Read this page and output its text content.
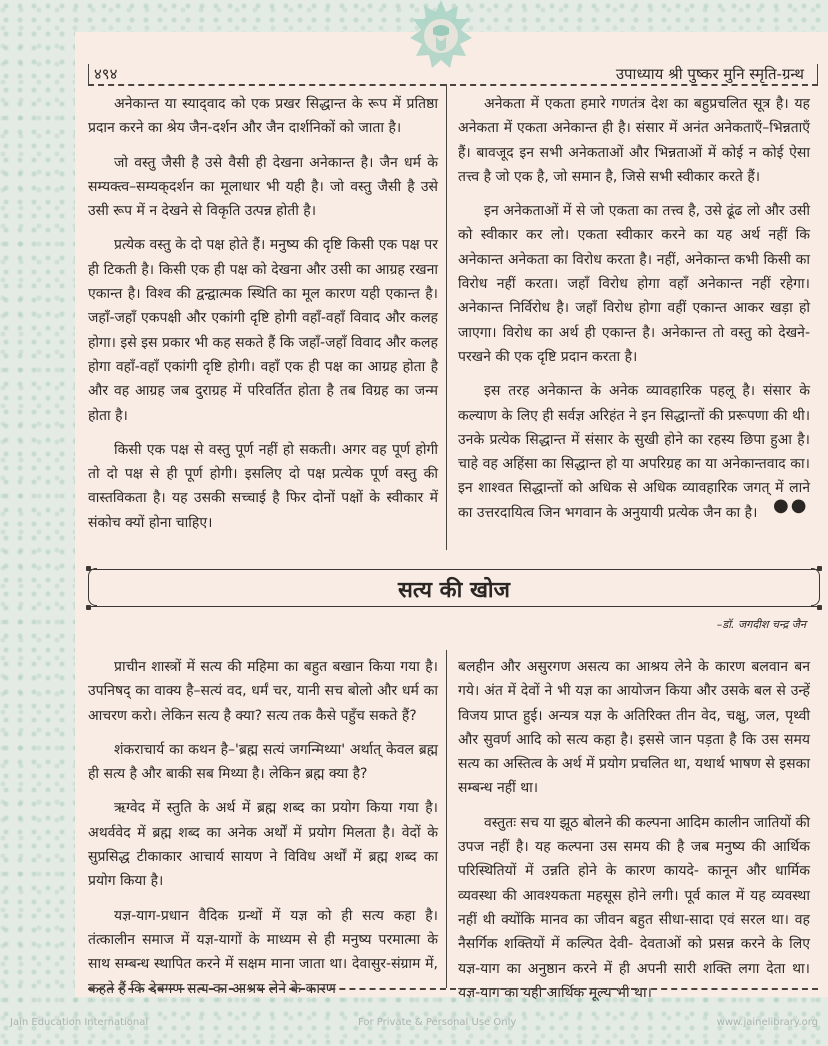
४९४	उपाध्याय श्री पुष्कर मुनि स्मृति-ग्रन्थ

अनेकान्त या स्याद्‌वाद को एक प्रखर सिद्धान्त के रूप में प्रतिष्ठा प्रदान करने का श्रेय जैन-दर्शन और जैन दार्शनिकों को जाता है।

जो वस्तु जैसी है उसे वैसी ही देखना अनेकान्त है। जैन धर्म के सम्यक्त्व–सम्यक्‌दर्शन का मूलाधार भी यही है। जो वस्तु जैसी है उसे उसी रूप में न देखने से विकृति उत्पन्न होती है।

प्रत्येक वस्तु के दो पक्ष होते हैं। मनुष्य की दृष्टि किसी एक पक्ष पर ही टिकती है। किसी एक ही पक्ष को देखना और उसी का आग्रह रखना एकान्त है। विश्व की द्वन्द्वात्मक स्थिति का मूल कारण यही एकान्त है। जहाँ-जहाँ एकपक्षी और एकांगी दृष्टि होगी वहाँ-वहाँ विवाद और कलह होगा। इसे इस प्रकार भी कह सकते हैं कि जहाँ-जहाँ विवाद और कलह होगा वहाँ-वहाँ एकांगी दृष्टि होगी। वहाँ एक ही पक्ष का आग्रह होता है और वह आग्रह जब दुराग्रह में परिवर्तित होता है तब विग्रह का जन्म होता है।

किसी एक पक्ष से वस्तु पूर्ण नहीं हो सकती। अगर वह पूर्ण होगी तो दो पक्ष से ही पूर्ण होगी। इसलिए दो पक्ष प्रत्येक पूर्ण वस्तु की वास्तविकता है। यह उसकी सच्चाई है फिर दोनों पक्षों के स्वीकार में संकोच क्यों होना चाहिए।

अनेकता में एकता हमारे गणतंत्र देश का बहुप्रचलित सूत्र है। यह अनेकता में एकता अनेकान्त ही है। संसार में अनंत अनेकताएँ–भिन्नताएँ हैं। बावजूद इन सभी अनेकताओं और भिन्नताओं में कोई न कोई ऐसा तत्त्व है जो एक है, जो समान है, जिसे सभी स्वीकार करते हैं।

इन अनेकताओं में से जो एकता का तत्त्व है, उसे ढूंढ लो और उसी को स्वीकार कर लो। एकता स्वीकार करने का यह अर्थ नहीं कि अनेकान्त अनेकता का विरोध करता है। नहीं, अनेकान्त कभी किसी का विरोध नहीं करता। जहाँ विरोध होगा वहाँ अनेकान्त नहीं रहेगा। अनेकान्त निर्विरोध है। जहाँ विरोध होगा वहीं एकान्त आकर खड़ा हो जाएगा। विरोध का अर्थ ही एकान्त है। अनेकान्त तो वस्तु को देखने-परखने की एक दृष्टि प्रदान करता है।

इस तरह अनेकान्त के अनेक व्यावहारिक पहलू है। संसार के कल्याण के लिए ही सर्वज्ञ अरिहंत ने इन सिद्धान्तों की प्ररूपणा की थी। उनके प्रत्येक सिद्धान्त में संसार के सुखी होने का रहस्य छिपा हुआ है। चाहे वह अहिंसा का सिद्धान्त हो या अपरिग्रह का या अनेकान्तवाद का। इन शाश्वत सिद्धान्तों को अधिक से अधिक व्यावहारिक जगत्‌ में लाने का उत्तरदायित्व जिन भगवान के अनुयायी प्रत्येक जैन का है। ●●
सत्य की खोज
–डॉ. जगदीश चन्द्र जैन

प्राचीन शास्त्रों में सत्य की महिमा का बहुत बखान किया गया है। उपनिषद्‌ का वाक्य है–सत्यं वद, धर्मं चर, यानी सच बोलो और धर्म का आचरण करो। लेकिन सत्य है क्या? सत्य तक कैसे पहुँच सकते हैं?

शंकराचार्य का कथन है–'ब्रह्म सत्यं जगन्मिथ्या' अर्थात्‌ केवल ब्रह्म ही सत्य है और बाकी सब मिथ्या है। लेकिन ब्रह्म क्या है?

ऋग्वेद में स्तुति के अर्थ में ब्रह्म शब्द का प्रयोग किया गया है। अथर्ववेद में ब्रह्म शब्द का अनेक अर्थों में प्रयोग मिलता है। वेदों के सुप्रसिद्ध टीकाकार आचार्य सायण ने विविध अर्थों में ब्रह्म शब्द का प्रयोग किया है।

यज्ञ-याग-प्रधान वैदिक ग्रन्थों में यज्ञ को ही सत्य कहा है। तंत्कालीन समाज में यज्ञ-यागों के माध्यम से ही मनुष्य परमात्मा के साथ सम्बन्ध स्थापित करने में सक्षम माना जाता था। देवासुर-संग्राम में, कहते हैं कि देवगण सत्य का आश्रय लेने के कारण

बलहीन और असुरगण असत्य का आश्रय लेने के कारण बलवान बन गये। अंत में देवों ने भी यज्ञ का आयोजन किया और उसके बल से उन्हें विजय प्राप्त हुई। अन्यत्र यज्ञ के अतिरिक्त तीन वेद, चक्षु, जल, पृथ्वी और सुवर्ण आदि को सत्य कहा है। इससे जान पड़ता है कि उस समय सत्य का अस्तित्व के अर्थ में प्रयोग प्रचलित था, यथार्थ भाषण से इसका सम्बन्ध नहीं था।

वस्तुतः सच या झूठ बोलने की कल्पना आदिम कालीन जातियों की उपज नहीं है। यह कल्पना उस समय की है जब मनुष्य की आर्थिक परिस्थितियों में उन्नति होने के कारण कायदे- कानून और धार्मिक व्यवस्था की आवश्यकता महसूस होने लगी। पूर्व काल में यह व्यवस्था नहीं थी क्योंकि मानव का जीवन बहुत सीधा-सादा एवं सरल था। वह नैसर्गिक शक्तियों में कल्पित देवी- देवताओं को प्रसन्न करने के लिए यज्ञ-याग का अनुष्ठान करने में ही अपनी सारी शक्ति लगा देता था। यज्ञ-याग का यही आर्थिक मूल्य भी था।

Jain Education International	For Private & Personal Use Only	www.jainelibrary.org
